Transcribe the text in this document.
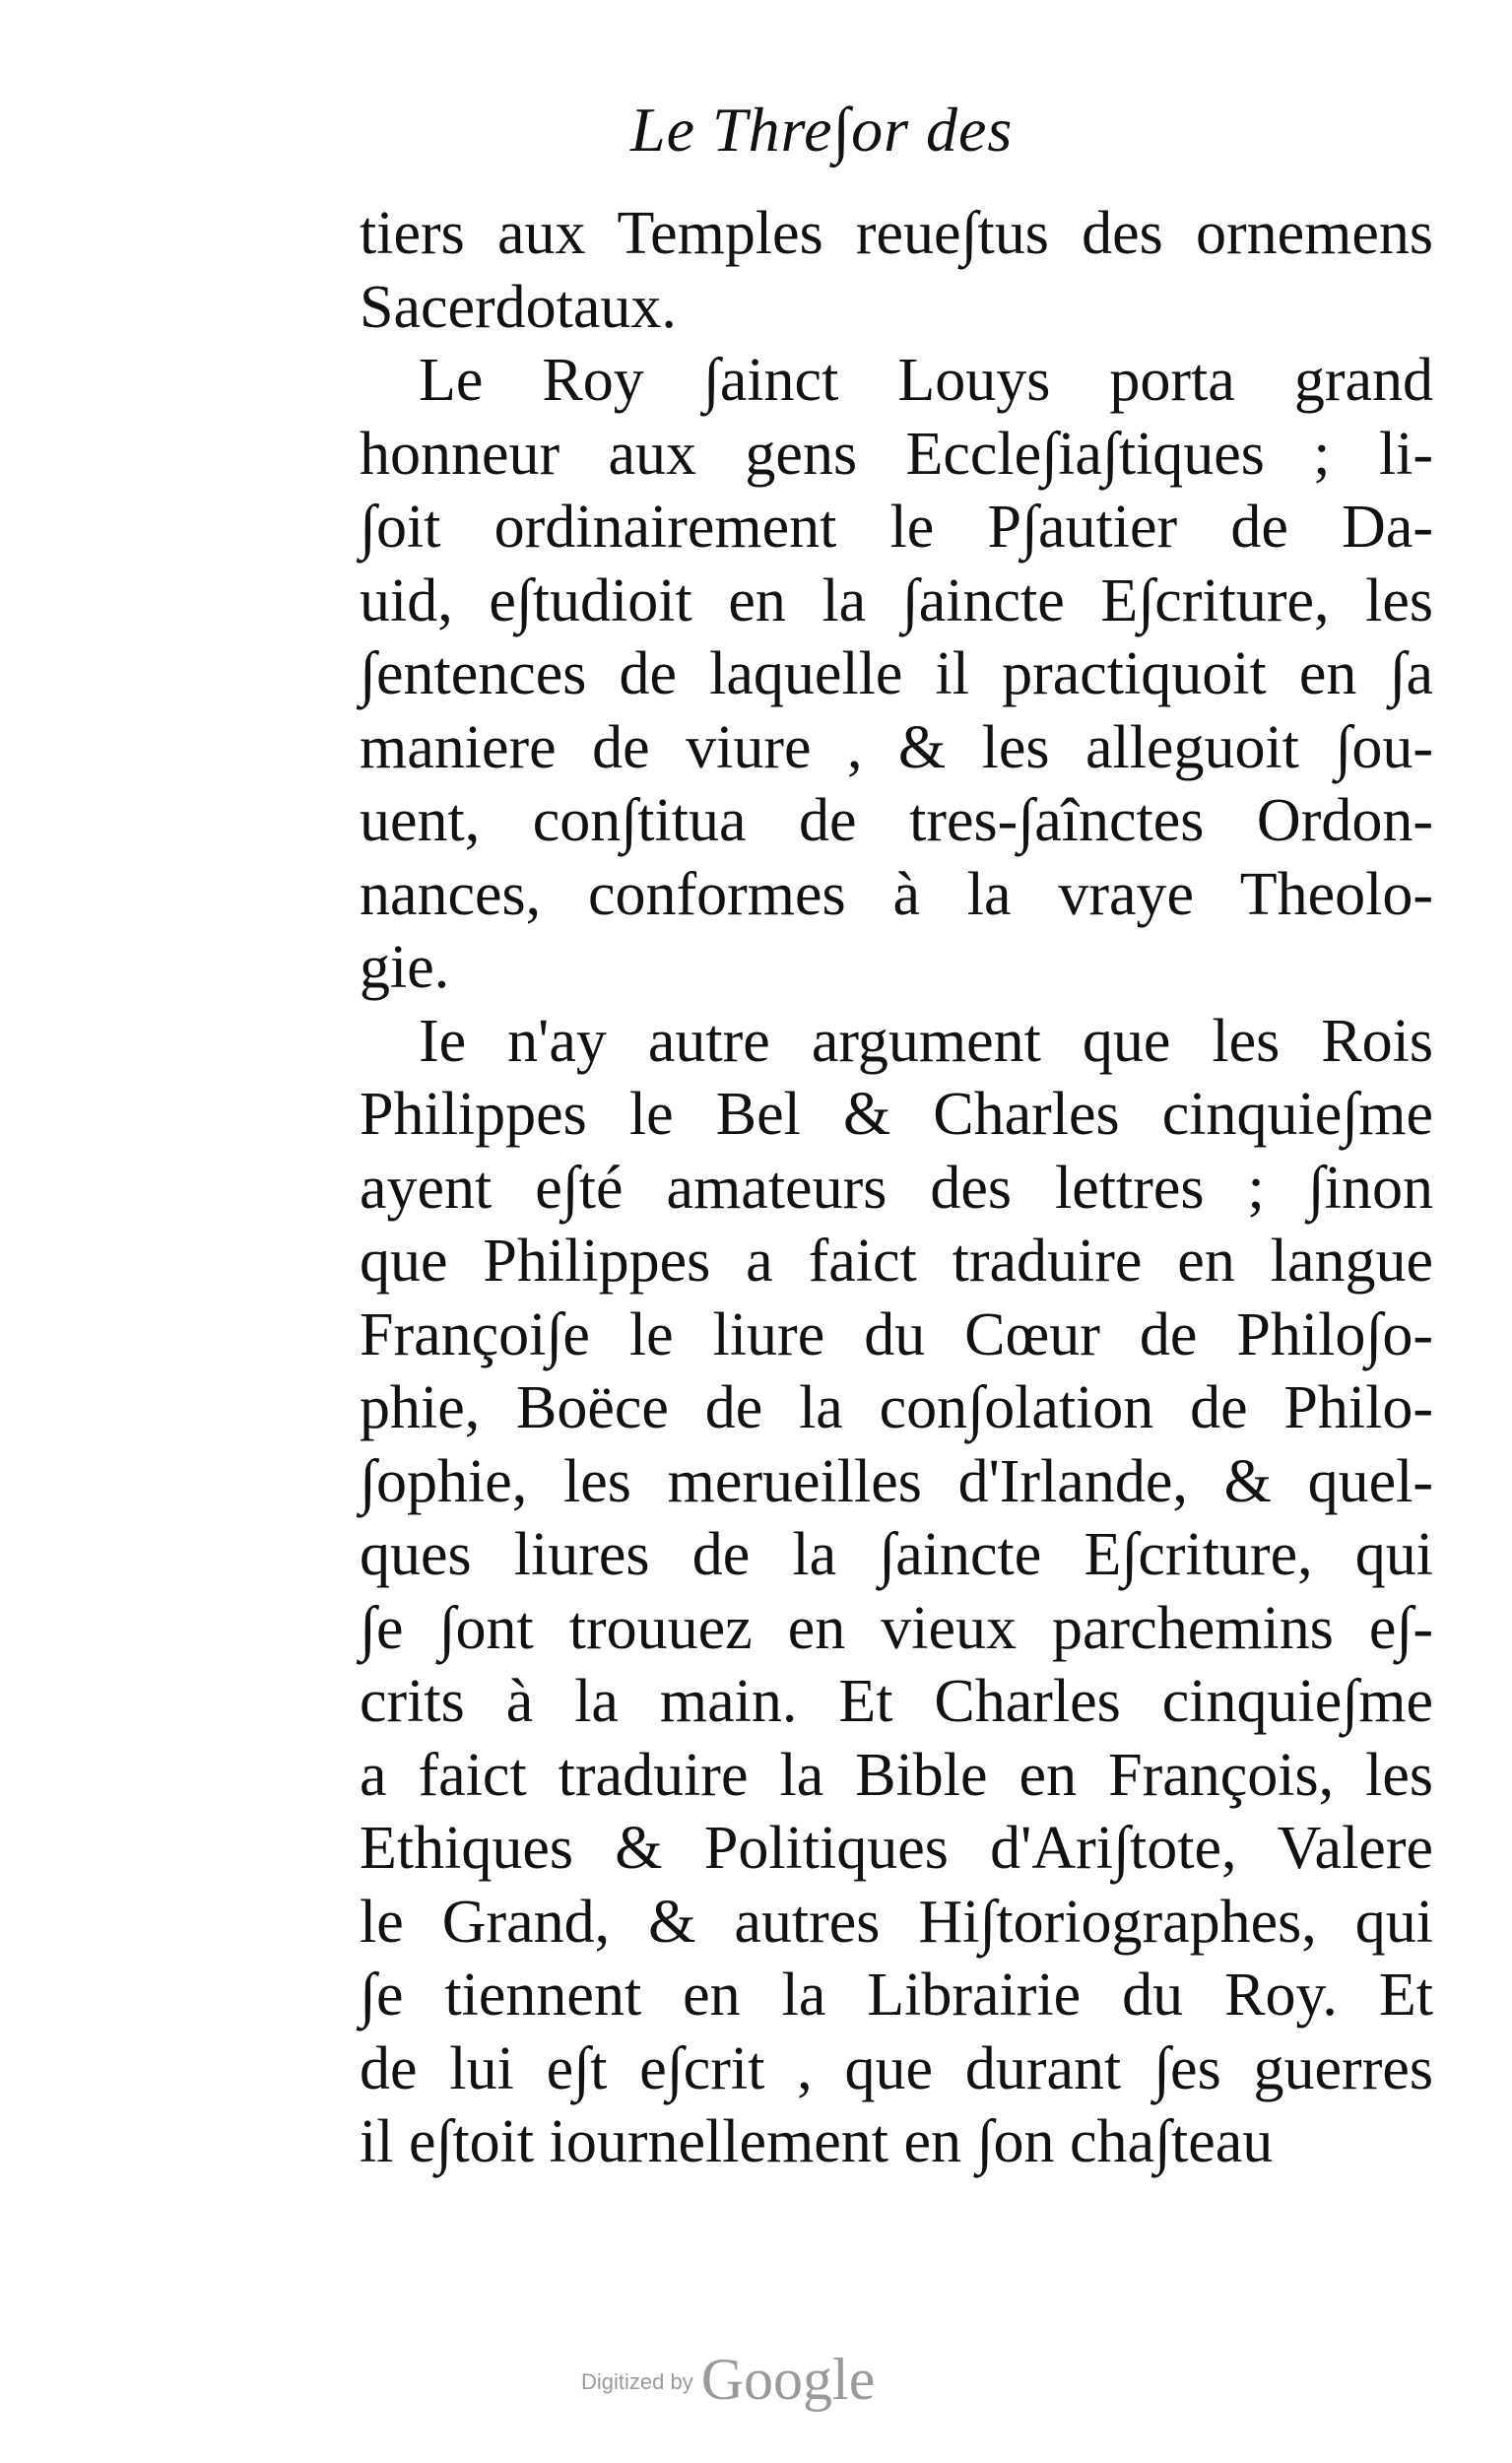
Le Thre∫or des
tiers aux Temples reue∫tus des ornemens
Sacerdotaux.
Le Roy ∫ainct Louys porta grand
honneur aux gens Eccle∫ia∫tiques ; li-
∫oit ordinairement le P∫autier de Da-
uid, e∫tudioit en la ∫aincte E∫criture, les
∫entences de laquelle il practiquoit en ∫a
maniere de viure , & les alleguoit ∫ou-
uent, con∫titua de tres-∫aînctes Ordon-
nances, conformes à la vraye Theolo-
gie.
Ie n'ay autre argument que les Rois
Philippes le Bel & Charles cinquie∫me
ayent e∫té amateurs des lettres ; ∫inon
que Philippes a faict traduire en langue
Françoi∫e le liure du Cœur de Philo∫o-
phie, Boëce de la con∫olation de Philo-
∫ophie, les merueilles d'Irlande, & quel-
ques liures de la ∫aincte E∫criture, qui
∫e ∫ont trouuez en vieux parchemins e∫-
crits à la main. Et Charles cinquie∫me
a faict traduire la Bible en François, les
Ethiques & Politiques d'Ari∫tote, Valere
le Grand, & autres Hi∫toriographes, qui
∫e tiennent en la Librairie du Roy. Et
de lui e∫t e∫crit , que durant ∫es guerres
il e∫toit iournellement en ∫on cha∫teau
Digitized by Google
